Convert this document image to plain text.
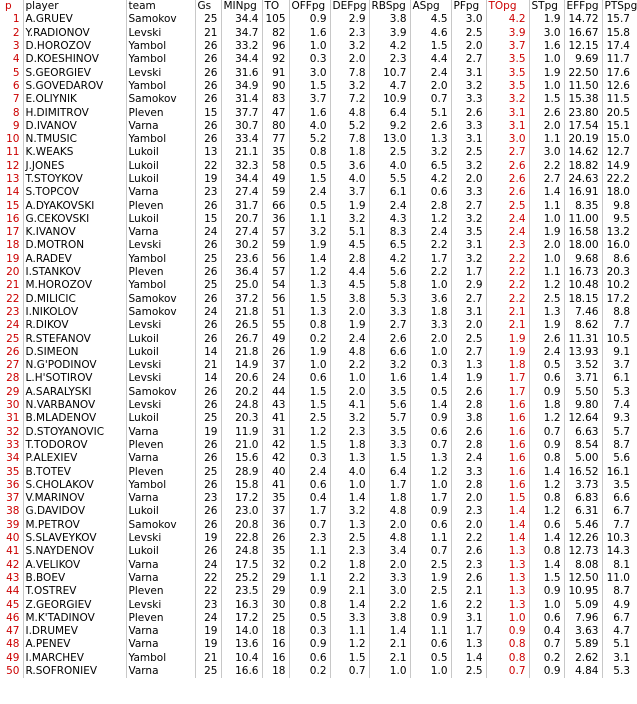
p	player	team	Gs	MINpg	TO	OFFpg	DEFpg	RBSpg	ASpg	PFpg	TOpg	STpg	EFFpg	PTSpg
1	A.GRUEV	Samokov	25	34.4	105	0.9	2.9	3.8	4.5	3.0	4.2	1.9	14.72	15.7
2	Y.RADIONOV	Levski	21	34.7	82	1.6	2.3	3.9	4.6	2.5	3.9	3.0	16.67	15.8
3	D.HOROZOV	Yambol	26	33.2	96	1.0	3.2	4.2	1.5	2.0	3.7	1.6	12.15	17.4
4	D.KOESHINOV	Yambol	26	34.4	92	0.3	2.0	2.3	4.4	2.7	3.5	1.0	9.69	11.7
5	S.GEORGIEV	Levski	26	31.6	91	3.0	7.8	10.7	2.4	3.1	3.5	1.9	22.50	17.6
6	S.GOVEDAROV	Yambol	26	34.9	90	1.5	3.2	4.7	2.0	3.2	3.5	1.0	11.50	12.6
7	E.OLIYNIK	Samokov	26	31.4	83	3.7	7.2	10.9	0.7	3.3	3.2	1.5	15.38	11.5
8	H.DIMITROV	Pleven	15	37.7	47	1.6	4.8	6.4	5.1	2.6	3.1	2.6	23.80	20.5
9	D.IVANOV	Varna	26	30.7	80	4.0	5.2	9.2	2.6	3.3	3.1	2.0	17.54	15.1
10	N.TMUSIC	Yambol	26	33.4	77	5.2	7.8	13.0	1.3	3.1	3.0	1.1	20.19	15.0
11	K.WEAKS	Lukoil	13	21.1	35	0.8	1.8	2.5	3.2	2.5	2.7	3.0	14.62	12.7
12	J.JONES	Lukoil	22	32.3	58	0.5	3.6	4.0	6.5	3.2	2.6	2.2	18.82	14.9
13	T.STOYKOV	Lukoil	19	34.4	49	1.5	4.0	5.5	4.2	2.0	2.6	2.7	24.63	22.2
14	S.TOPCOV	Varna	23	27.4	59	2.4	3.7	6.1	0.6	3.3	2.6	1.4	16.91	18.0
15	A.DYAKOVSKI	Pleven	26	31.7	66	0.5	1.9	2.4	2.8	2.7	2.5	1.1	8.35	9.8
16	G.CEKOVSKI	Lukoil	15	20.7	36	1.1	3.2	4.3	1.2	3.2	2.4	1.0	11.00	9.5
17	K.IVANOV	Varna	24	27.4	57	3.2	5.1	8.3	2.4	3.5	2.4	1.9	16.58	13.2
18	D.MOTRON	Levski	26	30.2	59	1.9	4.5	6.5	2.2	3.1	2.3	2.0	18.00	16.0
19	A.RADEV	Yambol	25	23.6	56	1.4	2.8	4.2	1.7	3.2	2.2	1.0	9.68	8.6
20	I.STANKOV	Pleven	26	36.4	57	1.2	4.4	5.6	2.2	1.7	2.2	1.1	16.73	20.3
21	M.HOROZOV	Yambol	25	25.0	54	1.3	4.5	5.8	1.0	2.9	2.2	1.2	10.48	10.2
22	D.MILICIC	Samokov	26	37.2	56	1.5	3.8	5.3	3.6	2.7	2.2	2.5	18.15	17.2
23	I.NIKOLOV	Samokov	24	21.8	51	1.3	2.0	3.3	1.8	3.1	2.1	1.3	7.46	8.8
24	R.DIKOV	Levski	26	26.5	55	0.8	1.9	2.7	3.3	2.0	2.1	1.9	8.62	7.7
25	R.STEFANOV	Lukoil	26	26.7	49	0.2	2.4	2.6	2.0	2.5	1.9	2.6	11.31	10.5
26	D.SIMEON	Lukoil	14	21.8	26	1.9	4.8	6.6	1.0	2.7	1.9	2.4	13.93	9.1
27	N.G'PODINOV	Levski	21	14.9	37	1.0	2.2	3.2	0.3	1.3	1.8	0.5	3.52	3.7
28	L.H'SOTIROV	Levski	14	20.6	24	0.6	1.0	1.6	1.4	1.9	1.7	0.6	3.71	6.1
29	A.SARALYSKI	Samokov	26	20.2	44	1.5	2.0	3.5	0.5	2.6	1.7	0.9	5.50	5.3
30	N.VARBANOV	Levski	26	24.8	43	1.5	4.1	5.6	1.4	2.8	1.6	1.8	9.80	7.4
31	B.MLADENOV	Lukoil	25	20.3	41	2.5	3.2	5.7	0.9	3.8	1.6	1.2	12.64	9.3
32	D.STOYANOVIC	Varna	19	11.9	31	1.2	2.3	3.5	0.6	2.6	1.6	0.7	6.63	5.7
33	T.TODOROV	Pleven	26	21.0	42	1.5	1.8	3.3	0.7	2.8	1.6	0.9	8.54	8.7
34	P.ALEXIEV	Varna	26	15.6	42	0.3	1.3	1.5	1.3	2.4	1.6	0.8	5.00	5.6
35	B.TOTEV	Pleven	25	28.9	40	2.4	4.0	6.4	1.2	3.3	1.6	1.4	16.52	16.1
36	S.CHOLAKOV	Yambol	26	15.8	41	0.6	1.0	1.7	1.0	2.8	1.6	1.2	3.73	3.5
37	V.MARINOV	Varna	23	17.2	35	0.4	1.4	1.8	1.7	2.0	1.5	0.8	6.83	6.6
38	G.DAVIDOV	Lukoil	26	23.0	37	1.7	3.2	4.8	0.9	2.3	1.4	1.2	6.31	6.7
39	M.PETROV	Samokov	26	20.8	36	0.7	1.3	2.0	0.6	2.0	1.4	0.6	5.46	7.7
40	S.SLAVEYKOV	Levski	19	22.8	26	2.3	2.5	4.8	1.1	2.2	1.4	1.4	12.26	10.3
41	S.NAYDENOV	Lukoil	26	24.8	35	1.1	2.3	3.4	0.7	2.6	1.3	0.8	12.73	14.3
42	A.VELIKOV	Varna	24	17.5	32	0.2	1.8	2.0	2.5	2.3	1.3	1.4	8.08	8.1
43	B.BOEV	Varna	22	25.2	29	1.1	2.2	3.3	1.9	2.6	1.3	1.5	12.50	11.0
44	T.OSTREV	Pleven	22	23.5	29	0.9	2.1	3.0	2.5	2.1	1.3	0.9	10.95	8.7
45	Z.GEORGIEV	Levski	23	16.3	30	0.8	1.4	2.2	1.6	2.2	1.3	1.0	5.09	4.9
46	M.K'TADINOV	Pleven	24	17.2	25	0.5	3.3	3.8	0.9	3.1	1.0	0.6	7.96	6.7
47	I.DRUMEV	Varna	19	14.0	18	0.3	1.1	1.4	1.1	1.7	0.9	0.4	3.63	4.7
48	A.PENEV	Varna	19	13.6	16	0.9	1.2	2.1	0.6	1.3	0.8	0.7	5.89	5.1
49	I.MARCHEV	Yambol	21	10.4	16	0.6	1.5	2.1	0.5	1.4	0.8	0.2	2.62	3.1
50	R.SOFRONIEV	Varna	25	16.6	18	0.2	0.7	1.0	1.0	2.5	0.7	0.9	4.84	5.3
